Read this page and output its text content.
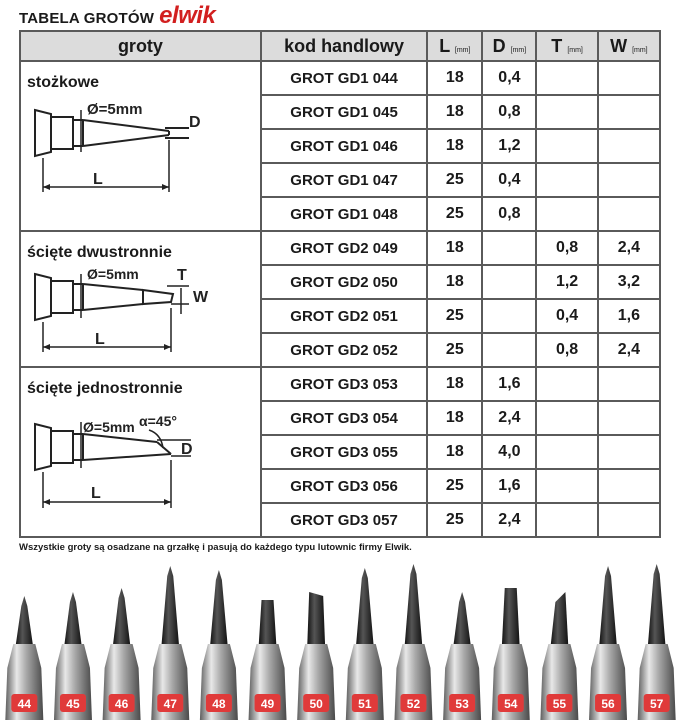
TABELA GROTÓW elwik
groty	kod handlowy	L [mm]	D [mm]	T [mm]	W [mm]

stożkowe
Ø=5mm
D
L	GROT GD1 044	18	0,4		
	GROT GD1 045	18	0,8		
	GROT GD1 046	18	1,2		
	GROT GD1 047	25	0,4		
	GROT GD1 048	25	0,8		

ścięte dwustronnie
Ø=5mm T
W
L	GROT GD2 049	18		0,8	2,4
	GROT GD2 050	18		1,2	3,2
	GROT GD2 051	25		0,4	1,6
	GROT GD2 052	25		0,8	2,4

ścięte jednostronnie
Ø=5mm α=45°
D
L	GROT GD3 053	18	1,6		
	GROT GD3 054	18	2,4		
	GROT GD3 055	18	4,0		
	GROT GD3 056	25	1,6		
	GROT GD3 057	25	2,4		
Wszystkie groty są osadzane na grzałkę i pasują do każdego typu lutownic firmy Elwik.
44	45	46	47	48	49	50	51	52	53	54	55	56	57
